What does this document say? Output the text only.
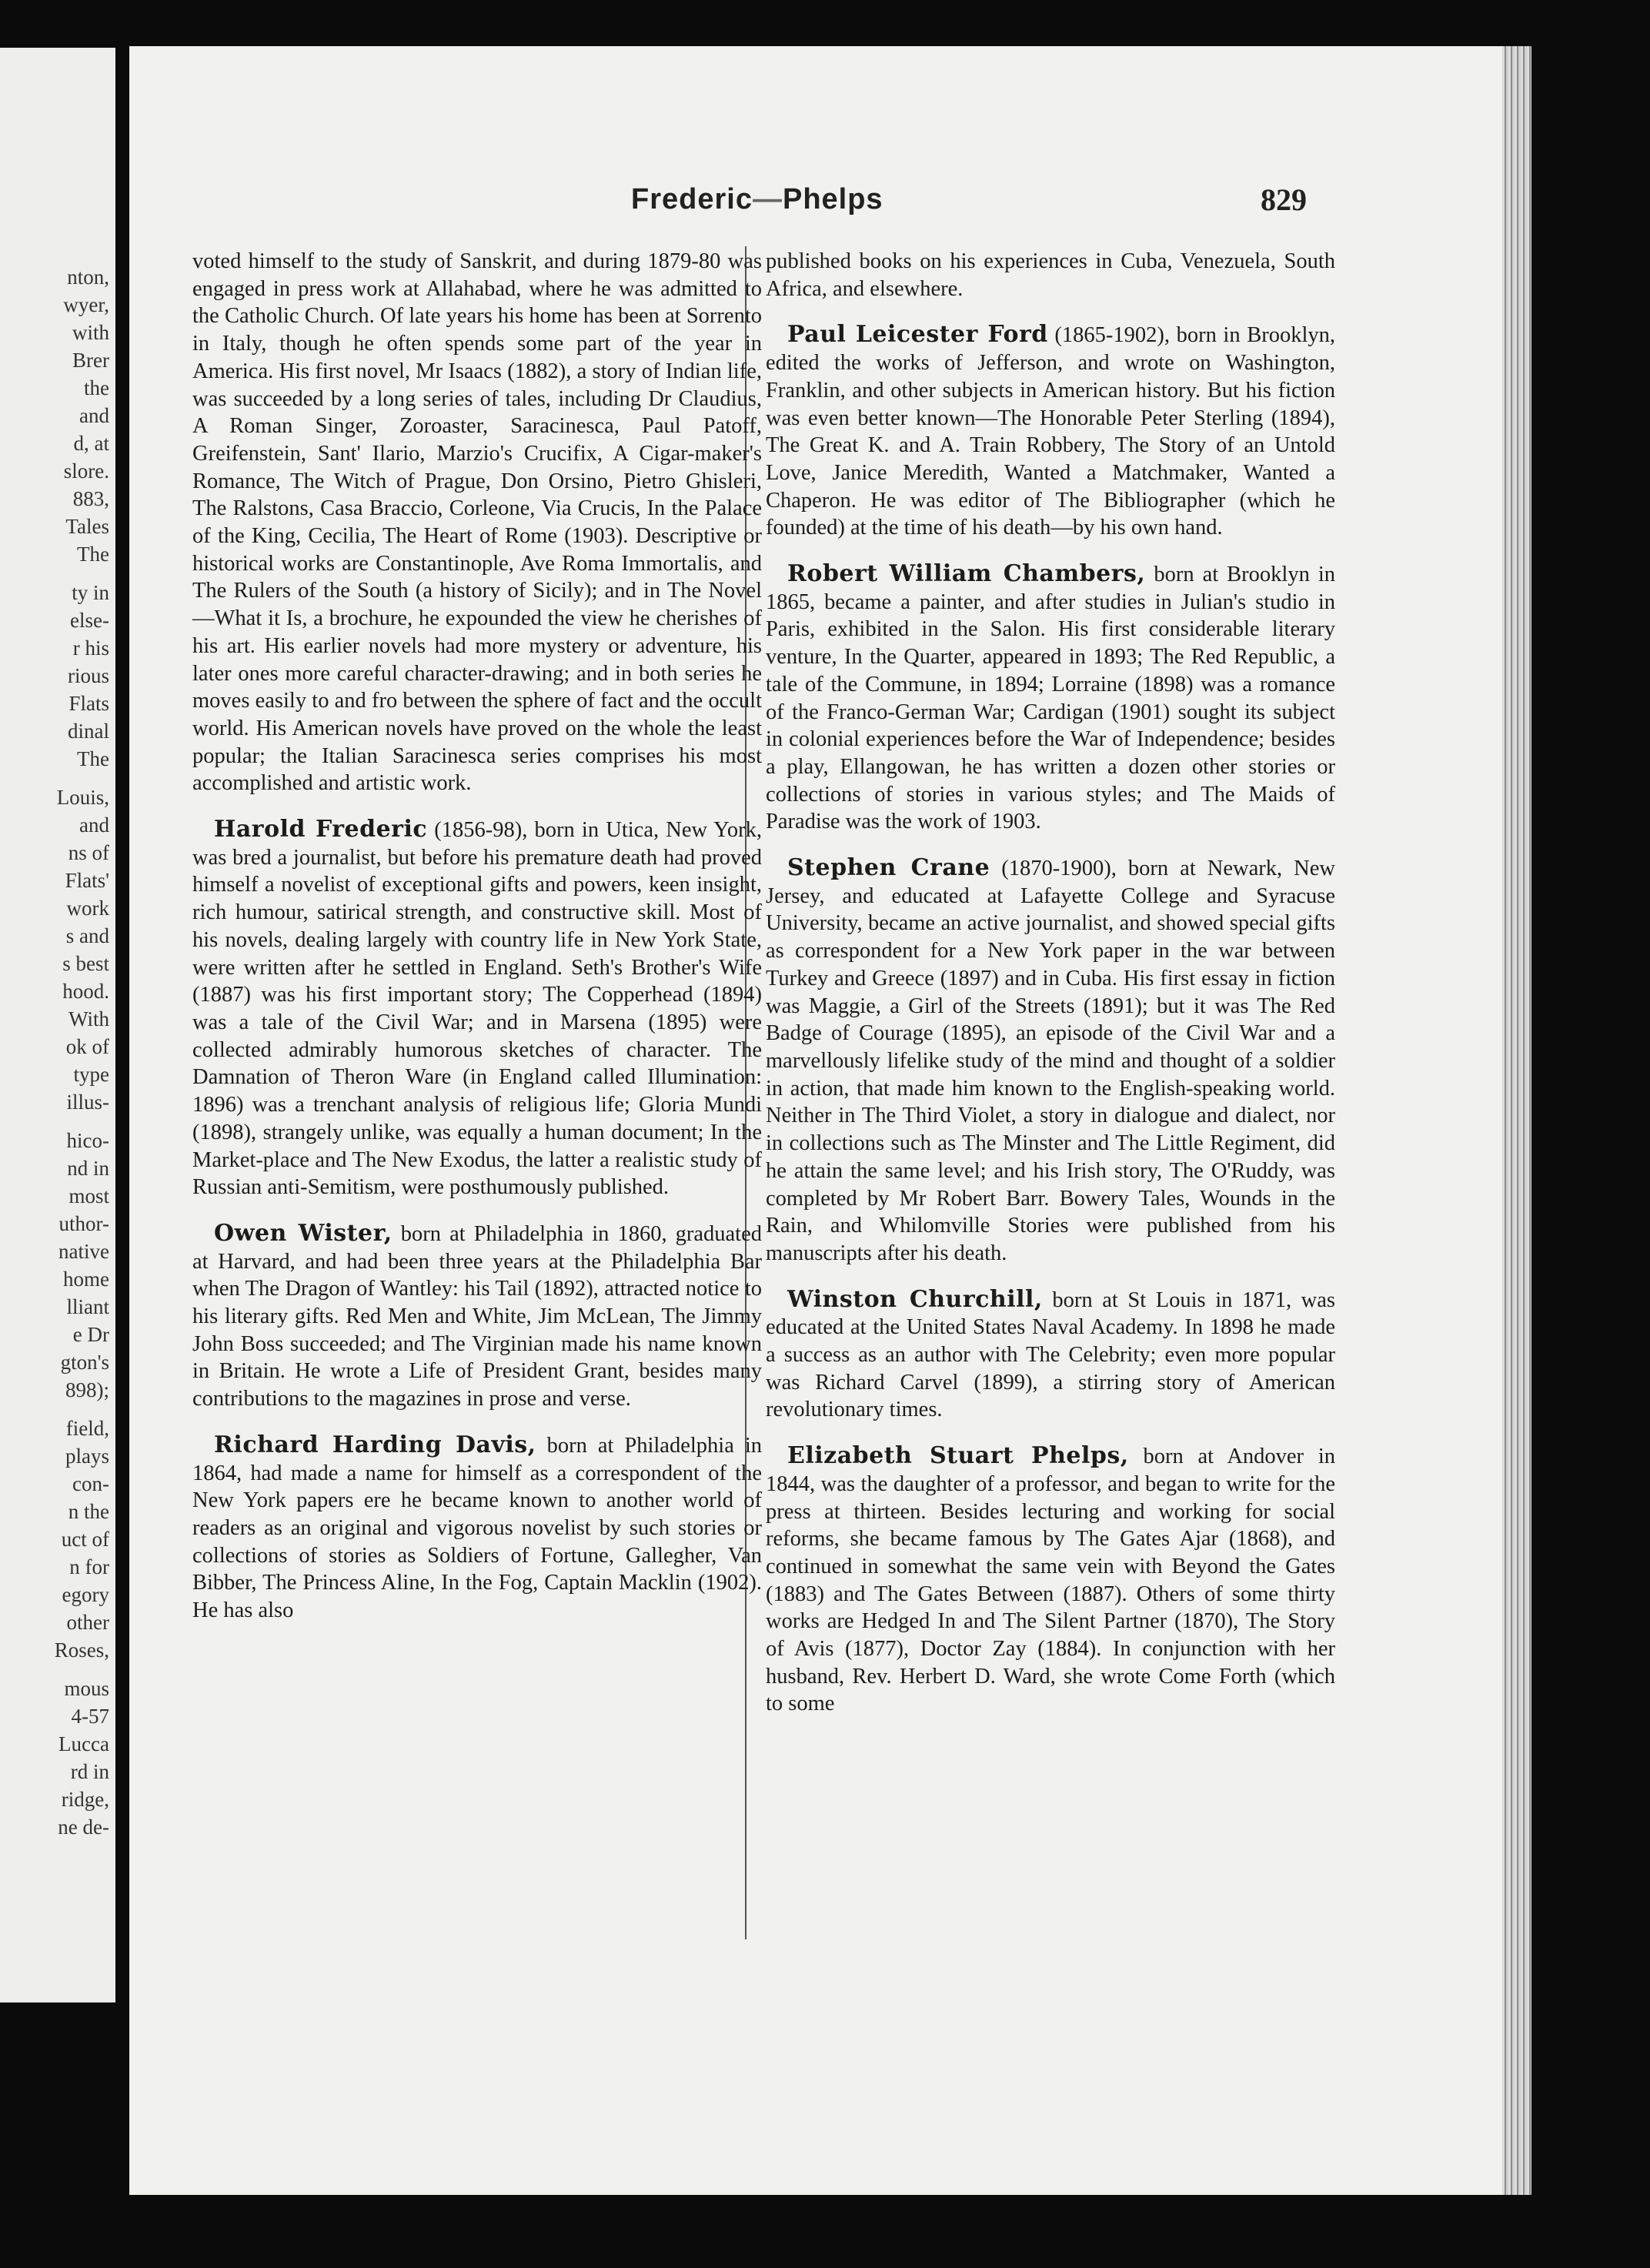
nton,
wyer,
with
Brer
the
and
d, at
slore.
883,
Tales
The
ty in
else-
r his
rious
Flats
dinal
The
Louis,
and
ns of
Flats'
work
s and
s best
hood.
With
ok of
type
illus-
hico-
nd in
most
uthor-
native
home
lliant
e Dr
gton's
898);
field,
plays
con-
n the
uct of
n for
egory
other
Roses,
mous
4-57
Lucca
rd in
ridge,
ne de-
Frederic—Phelps	829

voted himself to the study of Sanskrit, and during 1879-80 was engaged in press work at Allahabad, where he was admitted to the Catholic Church. Of late years his home has been at Sorrento in Italy, though he often spends some part of the year in America. His first novel, Mr Isaacs (1882), a story of Indian life, was succeeded by a long series of tales, including Dr Claudius, A Roman Singer, Zoroaster, Saracinesca, Paul Patoff, Greifenstein, Sant' Ilario, Marzio's Crucifix, A Cigar-maker's Romance, The Witch of Prague, Don Orsino, Pietro Ghisleri, The Ralstons, Casa Braccio, Corleone, Via Crucis, In the Palace of the King, Cecilia, The Heart of Rome (1903). Descriptive or historical works are Constantinople, Ave Roma Immortalis, and The Rulers of the South (a history of Sicily); and in The Novel—What it Is, a brochure, he expounded the view he cherishes of his art. His earlier novels had more mystery or adventure, his later ones more careful character-drawing; and in both series he moves easily to and fro between the sphere of fact and the occult world. His American novels have proved on the whole the least popular; the Italian Saracinesca series comprises his most accomplished and artistic work.

Harold Frederic (1856-98), born in Utica, New York, was bred a journalist, but before his premature death had proved himself a novelist of exceptional gifts and powers, keen insight, rich humour, satirical strength, and constructive skill. Most of his novels, dealing largely with country life in New York State, were written after he settled in England. Seth's Brother's Wife (1887) was his first important story; The Copperhead (1894) was a tale of the Civil War; and in Marsena (1895) were collected admirably humorous sketches of character. The Damnation of Theron Ware (in England called Illumination: 1896) was a trenchant analysis of religious life; Gloria Mundi (1898), strangely unlike, was equally a human document; In the Market-place and The New Exodus, the latter a realistic study of Russian anti-Semitism, were posthumously published.

Owen Wister, born at Philadelphia in 1860, graduated at Harvard, and had been three years at the Philadelphia Bar when The Dragon of Wantley: his Tail (1892), attracted notice to his literary gifts. Red Men and White, Jim McLean, The Jimmy John Boss succeeded; and The Virginian made his name known in Britain. He wrote a Life of President Grant, besides many contributions to the magazines in prose and verse.

Richard Harding Davis, born at Philadelphia in 1864, had made a name for himself as a correspondent of the New York papers ere he became known to another world of readers as an original and vigorous novelist by such stories or collections of stories as Soldiers of Fortune, Gallegher, Van Bibber, The Princess Aline, In the Fog, Captain Macklin (1902). He has also

published books on his experiences in Cuba, Venezuela, South Africa, and elsewhere.

Paul Leicester Ford (1865-1902), born in Brooklyn, edited the works of Jefferson, and wrote on Washington, Franklin, and other subjects in American history. But his fiction was even better known—The Honorable Peter Sterling (1894), The Great K. and A. Train Robbery, The Story of an Untold Love, Janice Meredith, Wanted a Matchmaker, Wanted a Chaperon. He was editor of The Bibliographer (which he founded) at the time of his death—by his own hand.

Robert William Chambers, born at Brooklyn in 1865, became a painter, and after studies in Julian's studio in Paris, exhibited in the Salon. His first considerable literary venture, In the Quarter, appeared in 1893; The Red Republic, a tale of the Commune, in 1894; Lorraine (1898) was a romance of the Franco-German War; Cardigan (1901) sought its subject in colonial experiences before the War of Independence; besides a play, Ellangowan, he has written a dozen other stories or collections of stories in various styles; and The Maids of Paradise was the work of 1903.

Stephen Crane (1870-1900), born at Newark, New Jersey, and educated at Lafayette College and Syracuse University, became an active journalist, and showed special gifts as correspondent for a New York paper in the war between Turkey and Greece (1897) and in Cuba. His first essay in fiction was Maggie, a Girl of the Streets (1891); but it was The Red Badge of Courage (1895), an episode of the Civil War and a marvellously lifelike study of the mind and thought of a soldier in action, that made him known to the English-speaking world. Neither in The Third Violet, a story in dialogue and dialect, nor in collections such as The Minster and The Little Regiment, did he attain the same level; and his Irish story, The O'Ruddy, was completed by Mr Robert Barr. Bowery Tales, Wounds in the Rain, and Whilomville Stories were published from his manuscripts after his death.

Winston Churchill, born at St Louis in 1871, was educated at the United States Naval Academy. In 1898 he made a success as an author with The Celebrity; even more popular was Richard Carvel (1899), a stirring story of American revolutionary times.

Elizabeth Stuart Phelps, born at Andover in 1844, was the daughter of a professor, and began to write for the press at thirteen. Besides lecturing and working for social reforms, she became famous by The Gates Ajar (1868), and continued in somewhat the same vein with Beyond the Gates (1883) and The Gates Between (1887). Others of some thirty works are Hedged In and The Silent Partner (1870), The Story of Avis (1877), Doctor Zay (1884). In conjunction with her husband, Rev. Herbert D. Ward, she wrote Come Forth (which to some
